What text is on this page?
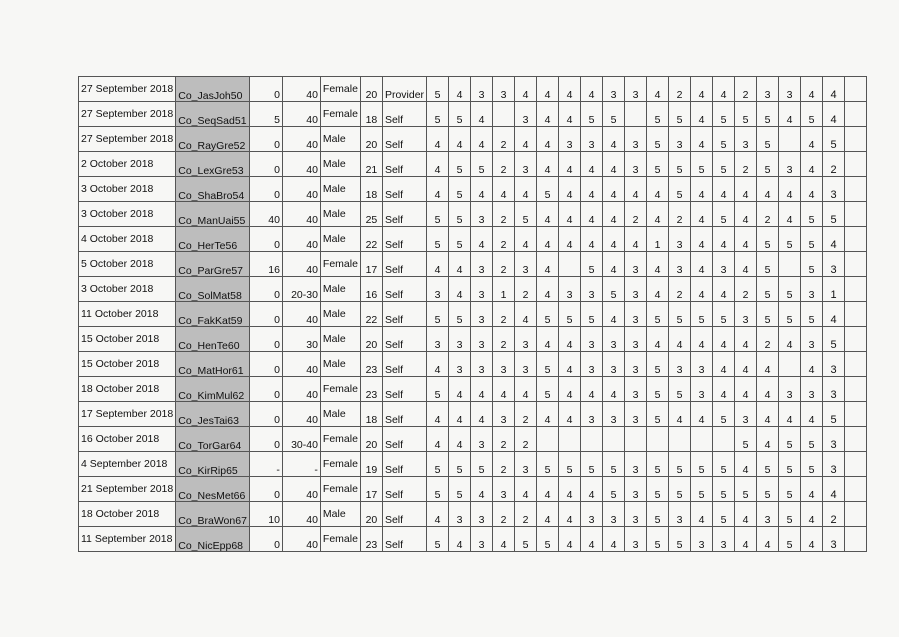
27 September 2018	Co_JasJoh50	0	40	Female	20	Provider	5	4	3	3	4	4	4	4	3	3	4	2	4	4	2	3	3	4	4	
27 September 2018	Co_SeqSad51	5	40	Female	18	Self	5	5	4		3	4	4	5	5		5	5	4	5	5	5	4	5	4	
27 September 2018	Co_RayGre52	0	40	Male	20	Self	4	4	4	2	4	4	3	3	4	3	5	3	4	5	3	5		4	5	
2 October 2018	Co_LexGre53	0	40	Male	21	Self	4	5	5	2	3	4	4	4	4	3	5	5	5	5	2	5	3	4	2	
3 October 2018	Co_ShaBro54	0	40	Male	18	Self	4	5	4	4	4	5	4	4	4	4	4	5	4	4	4	4	4	4	3	
3 October 2018	Co_ManUai55	40	40	Male	25	Self	5	5	3	2	5	4	4	4	4	2	4	2	4	5	4	2	4	5	5	
4 October 2018	Co_HerTe56	0	40	Male	22	Self	5	5	4	2	4	4	4	4	4	4	1	3	4	4	4	5	5	5	4	
5 October 2018	Co_ParGre57	16	40	Female	17	Self	4	4	3	2	3	4		5	4	3	4	3	4	3	4	5		5	3	
3 October 2018	Co_SolMat58	0	20-30	Male	16	Self	3	4	3	1	2	4	3	3	5	3	4	2	4	4	2	5	5	3	1	
11 October 2018	Co_FakKat59	0	40	Male	22	Self	5	5	3	2	4	5	5	5	4	3	5	5	5	5	3	5	5	5	4	
15 October 2018	Co_HenTe60	0	30	Male	20	Self	3	3	3	2	3	4	4	3	3	3	4	4	4	4	4	2	4	3	5	
15 October 2018	Co_MatHor61	0	40	Male	23	Self	4	3	3	3	3	5	4	3	3	3	5	3	3	4	4	4		4	3	
18 October 2018	Co_KimMul62	0	40	Female	23	Self	5	4	4	4	4	5	4	4	4	3	5	5	3	4	4	4	3	3	3	
17 September 2018	Co_JesTai63	0	40	Male	18	Self	4	4	4	3	2	4	4	3	3	3	5	4	4	5	3	4	4	4	5	
16 October 2018	Co_TorGar64	0	30-40	Female	20	Self	4	4	3	2	2										5	4	5	5	3	
4 September 2018	Co_KirRip65	-	-	Female	19	Self	5	5	5	2	3	5	5	5	5	3	5	5	5	5	4	5	5	5	3	
21 September 2018	Co_NesMet66	0	40	Female	17	Self	5	5	4	3	4	4	4	4	5	3	5	5	5	5	5	5	5	4	4	
18 October 2018	Co_BraWon67	10	40	Male	20	Self	4	3	3	2	2	4	4	3	3	3	5	3	4	5	4	3	5	4	2	
11 September 2018	Co_NicEpp68	0	40	Female	23	Self	5	4	3	4	5	5	4	4	4	3	5	5	3	3	4	4	5	4	3	
